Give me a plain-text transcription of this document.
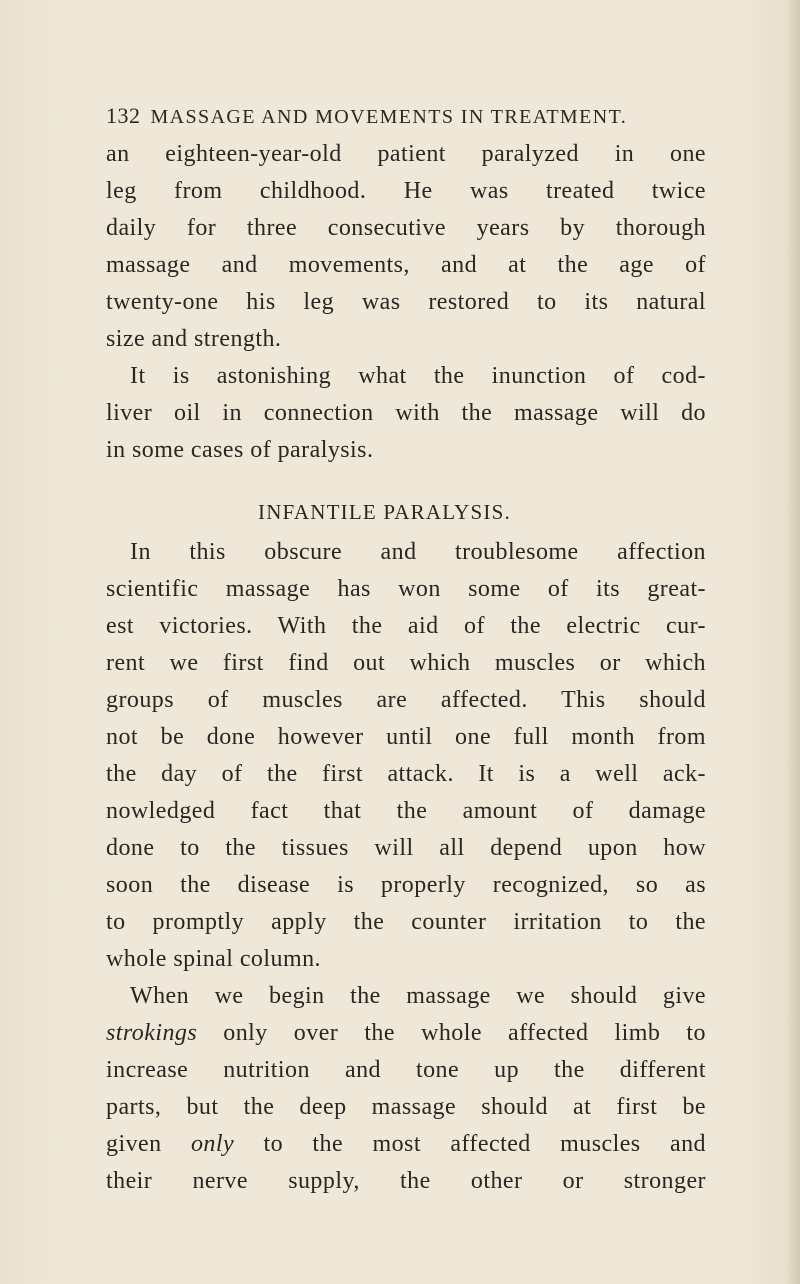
132 MASSAGE AND MOVEMENTS IN TREATMENT.
an eighteen-year-old patient paralyzed in one
leg from childhood. He was treated twice
daily for three consecutive years by thorough
massage and movements, and at the age of
twenty-one his leg was restored to its natural
size and strength.
It is astonishing what the inunction of cod-
liver oil in connection with the massage will do
in some cases of paralysis.
INFANTILE PARALYSIS.
In this obscure and troublesome affection
scientific massage has won some of its great-
est victories. With the aid of the electric cur-
rent we first find out which muscles or which
groups of muscles are affected. This should
not be done however until one full month from
the day of the first attack. It is a well ack-
nowledged fact that the amount of damage
done to the tissues will all depend upon how
soon the disease is properly recognized, so as
to promptly apply the counter irritation to the
whole spinal column.
When we begin the massage we should give
strokings only over the whole affected limb to
increase nutrition and tone up the different
parts, but the deep massage should at first be
given only to the most affected muscles and
their nerve supply, the other or stronger
